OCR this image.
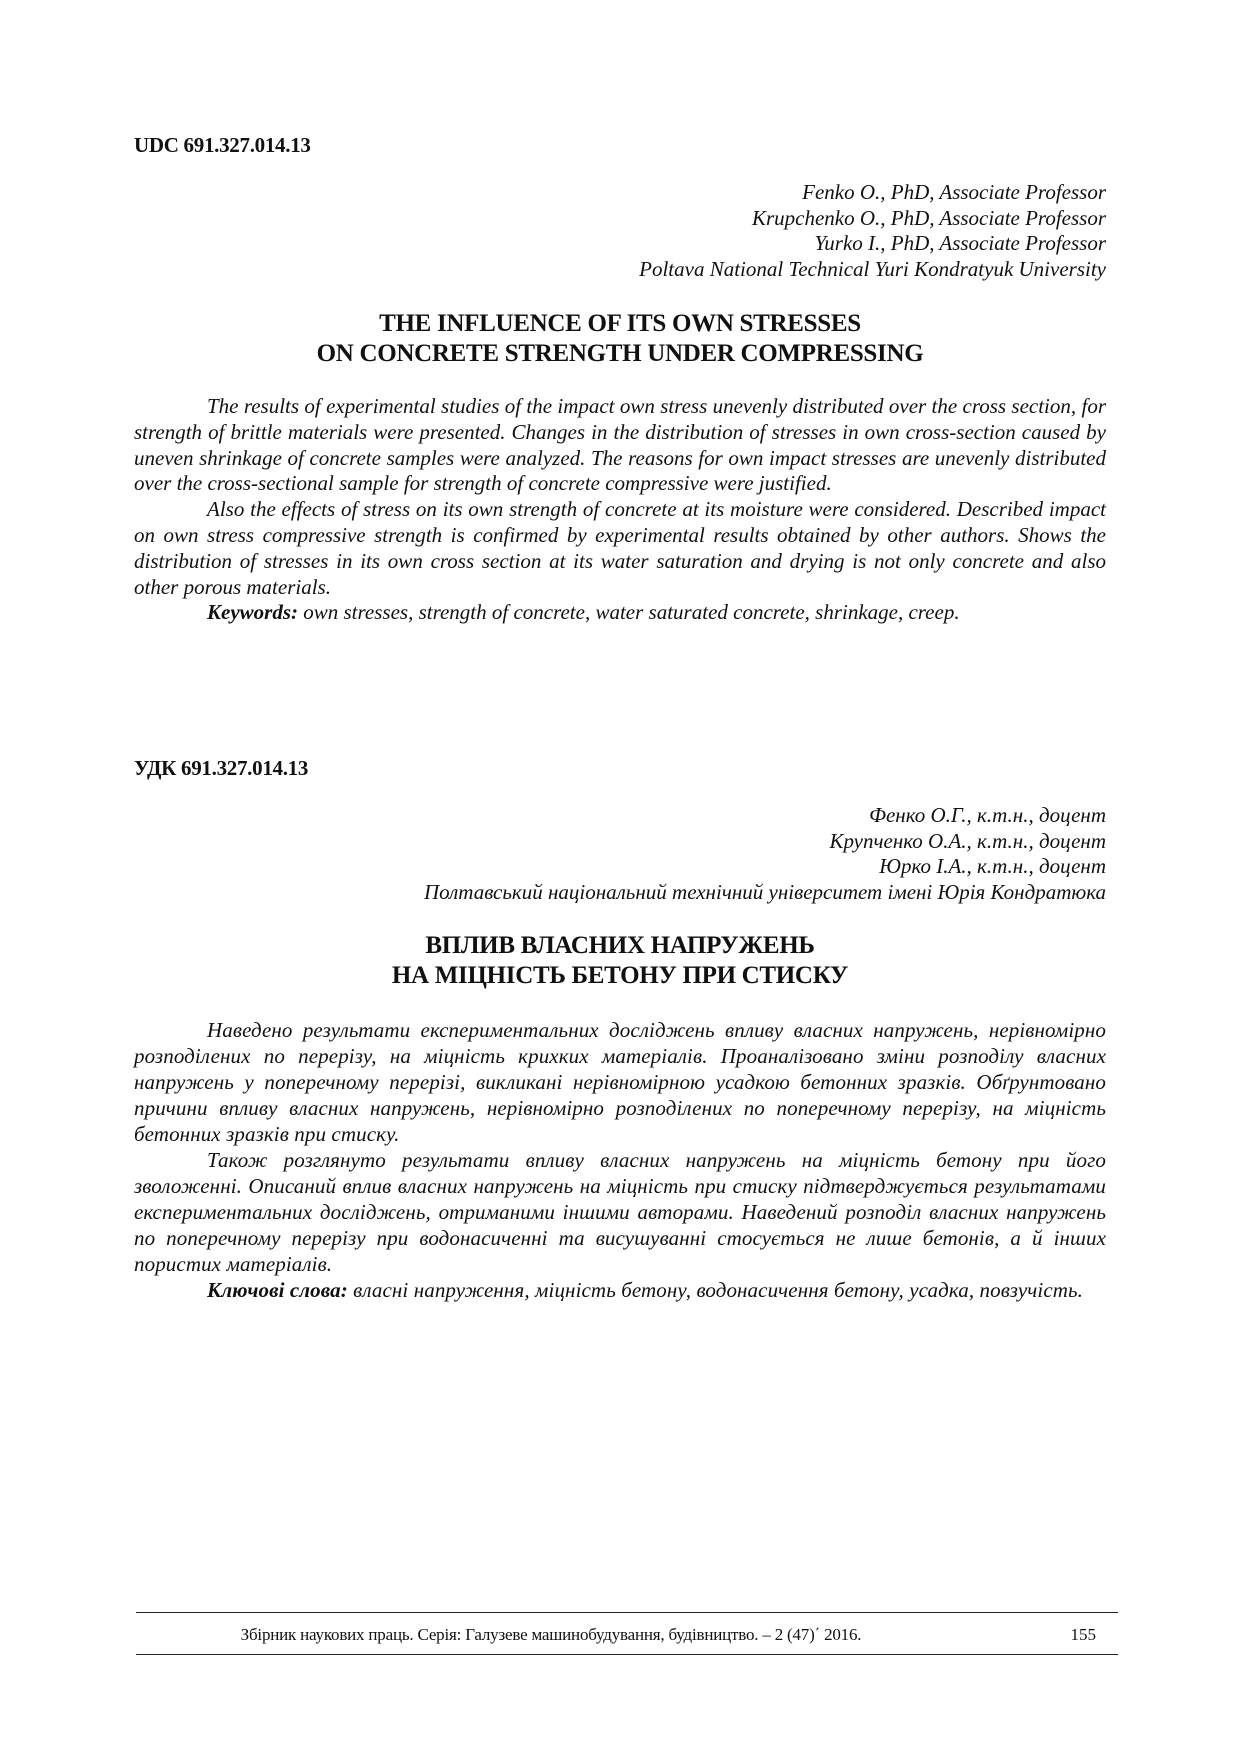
UDC 691.327.014.13
Fenko O., PhD, Associate Professor
Krupchenko O., PhD, Associate Professor
Yurko I., PhD, Associate Professor
Poltava National Technical Yuri Kondratyuk University
THE INFLUENCE OF ITS OWN STRESSES
ON CONCRETE STRENGTH UNDER COMPRESSING

The results of experimental studies of the impact own stress unevenly distributed over the cross section, for strength of brittle materials were presented. Changes in the distribution of stresses in own cross-section caused by uneven shrinkage of concrete samples were analyzed. The reasons for own impact stresses are unevenly distributed over the cross-sectional sample for strength of concrete compressive were justified.

Also the effects of stress on its own strength of concrete at its moisture were considered. Described impact on own stress compressive strength is confirmed by experimental results obtained by other authors. Shows the distribution of stresses in its own cross section at its water saturation and drying is not only concrete and also other porous materials.

Keywords: own stresses, strength of concrete, water saturated concrete, shrinkage, creep.

УДК 691.327.014.13
Фенко О.Г., к.т.н., доцент
Крупченко О.А., к.т.н., доцент
Юрко І.А., к.т.н., доцент
Полтавський національний технічний університет імені Юрія Кондратюка
ВПЛИВ ВЛАСНИХ НАПРУЖЕНЬ
НА МІЦНІСТЬ БЕТОНУ ПРИ СТИСКУ

Наведено результати експериментальних досліджень впливу власних напружень, нерівномірно розподілених по перерізу, на міцність крихких матеріалів. Проаналізовано зміни розподілу власних напружень у поперечному перерізі, викликані нерівномірною усадкою бетонних зразків. Обґрунтовано причини впливу власних напружень, нерівномірно розподілених по поперечному перерізу, на міцність бетонних зразків при стиску.

Також розглянуто результати впливу власних напружень на міцність бетону при його зволоженні. Описаний вплив власних напружень на міцність при стиску підтверджується результатами експериментальних досліджень, отриманими іншими авторами. Наведений розподіл власних напружень по поперечному перерізу при водонасиченні та висушуванні стосується не лише бетонів, а й інших пористих матеріалів.

Ключові слова: власні напруження, міцність бетону, водонасичення бетону, усадка, повзучість.

Збірник наукових праць. Серія: Галузеве машинобудування, будівництво. – 2 (47)΄ 2016.	155
